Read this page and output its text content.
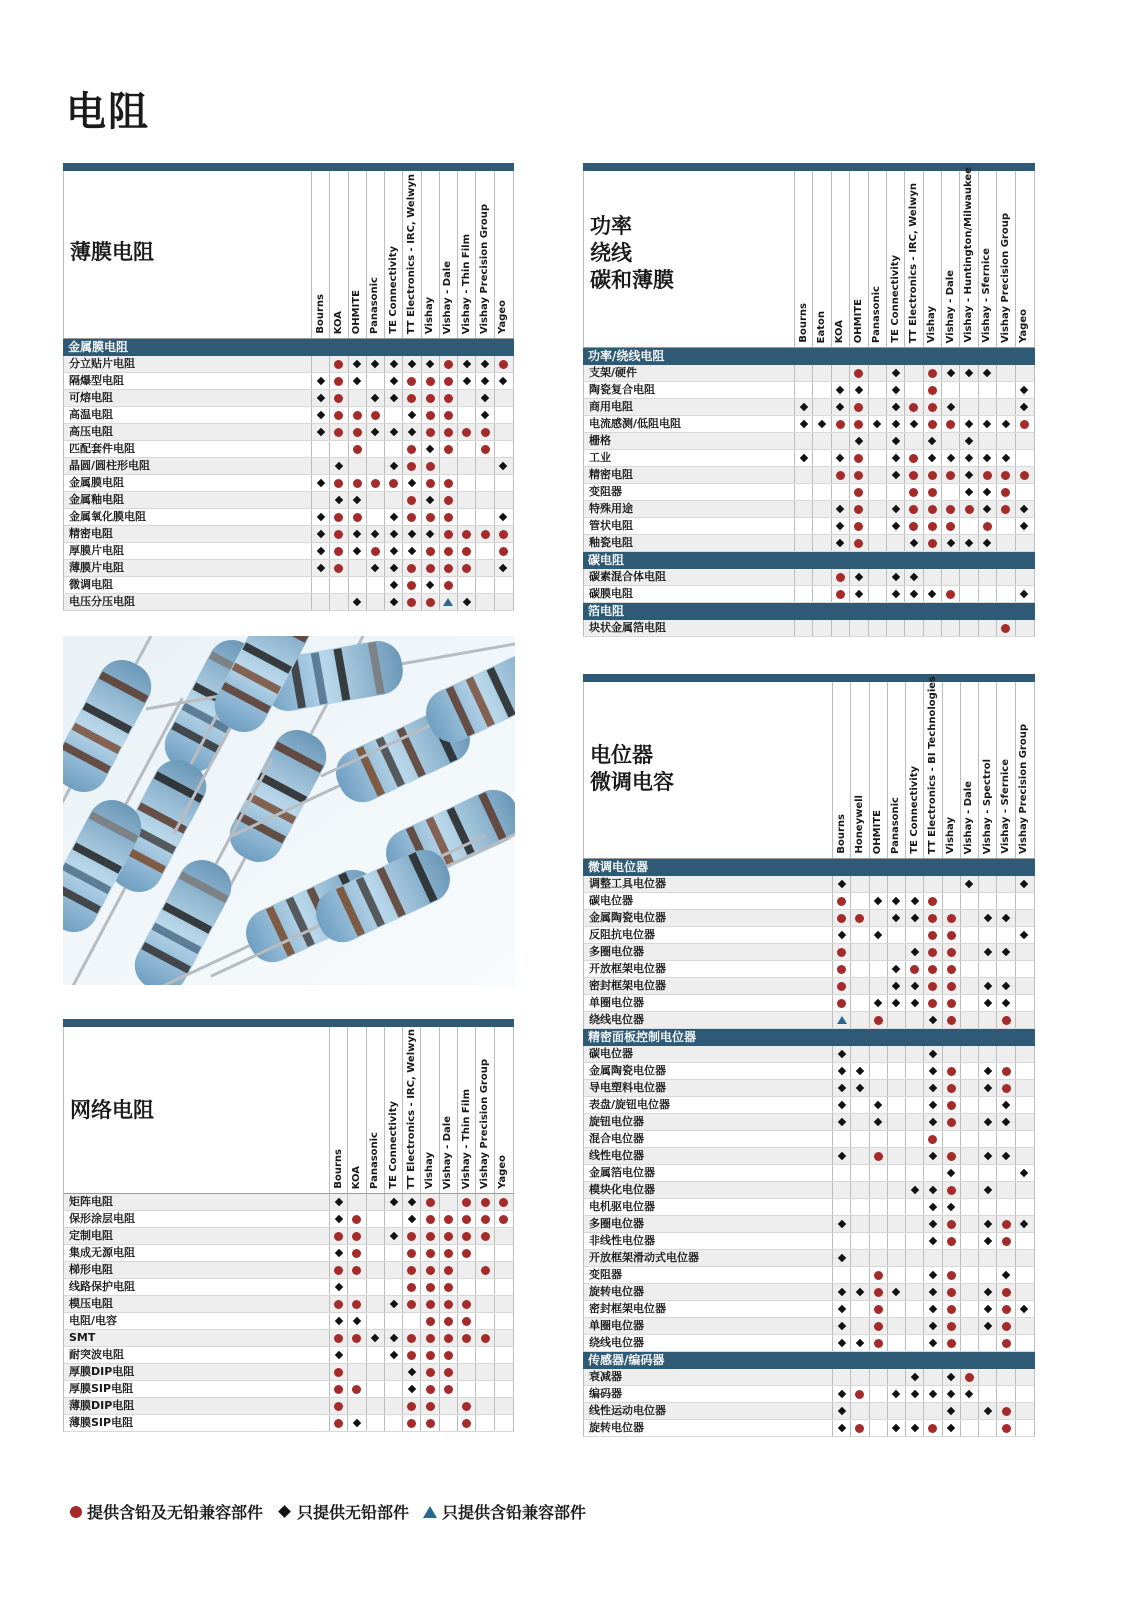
电阻
薄膜电阻
Bourns KOA OHMITE Panasonic TE Connectivity TT Electronics - IRC, Welwyn Vishay Vishay - Dale Vishay - Thin Film Vishay Precision Group Yageo
金属膜电阻
分立贴片电阻
隔爆型电阻
可熔电阻
高温电阻
高压电阻
匹配套件电阻
晶圆/圆柱形电阻
金属膜电阻
金属釉电阻
金属氧化膜电阻
精密电阻
厚膜片电阻
薄膜片电阻
微调电阻
电压分压电阻
功率
绕线
碳和薄膜
Bourns Eaton KOA OHMITE Panasonic TE Connectivity TT Electronics - IRC, Welwyn Vishay Vishay - Dale Vishay - Huntington/Milwaukee Vishay - Sfernice Vishay Precision Group Yageo
功率/绕线电阻
支架/硬件
陶瓷复合电阻
商用电阻
电流感测/低阻电阻
栅格
工业
精密电阻
变阻器
特殊用途
管状电阻
釉瓷电阻
碳电阻
碳素混合体电阻
碳膜电阻
箔电阻
块状金属箔电阻
网络电阻
Bourns KOA Panasonic TE Connectivity TT Electronics - IRC, Welwyn Vishay Vishay - Dale Vishay - Thin Film Vishay Precision Group Yageo
矩阵电阻
保形涂层电阻
定制电阻
集成无源电阻
梯形电阻
线路保护电阻
模压电阻
电阻/电容
SMT
耐突波电阻
厚膜DIP电阻
厚膜SIP电阻
薄膜DIP电阻
薄膜SIP电阻
电位器
微调电容
Bourns Honeywell OHMITE Panasonic TE Connectivity TT Electronics - BI Technologies Vishay Vishay - Dale Vishay - Spectrol Vishay - Sfernice Vishay Precision Group
微调电位器
调整工具电位器
碳电位器
金属陶瓷电位器
反阻抗电位器
多圈电位器
开放框架电位器
密封框架电位器
单圈电位器
绕线电位器
精密面板控制电位器
碳电位器
金属陶瓷电位器
导电塑料电位器
表盘/旋钮电位器
旋钮电位器
混合电位器
线性电位器
金属箔电位器
模块化电位器
电机驱电位器
多圈电位器
非线性电位器
开放框架滑动式电位器
变阻器
旋转电位器
密封框架电位器
单圈电位器
绕线电位器
传感器/编码器
衰减器
编码器
线性运动电位器
旋转电位器
提供含铅及无铅兼容部件 只提供无铅部件 只提供含铅兼容部件
